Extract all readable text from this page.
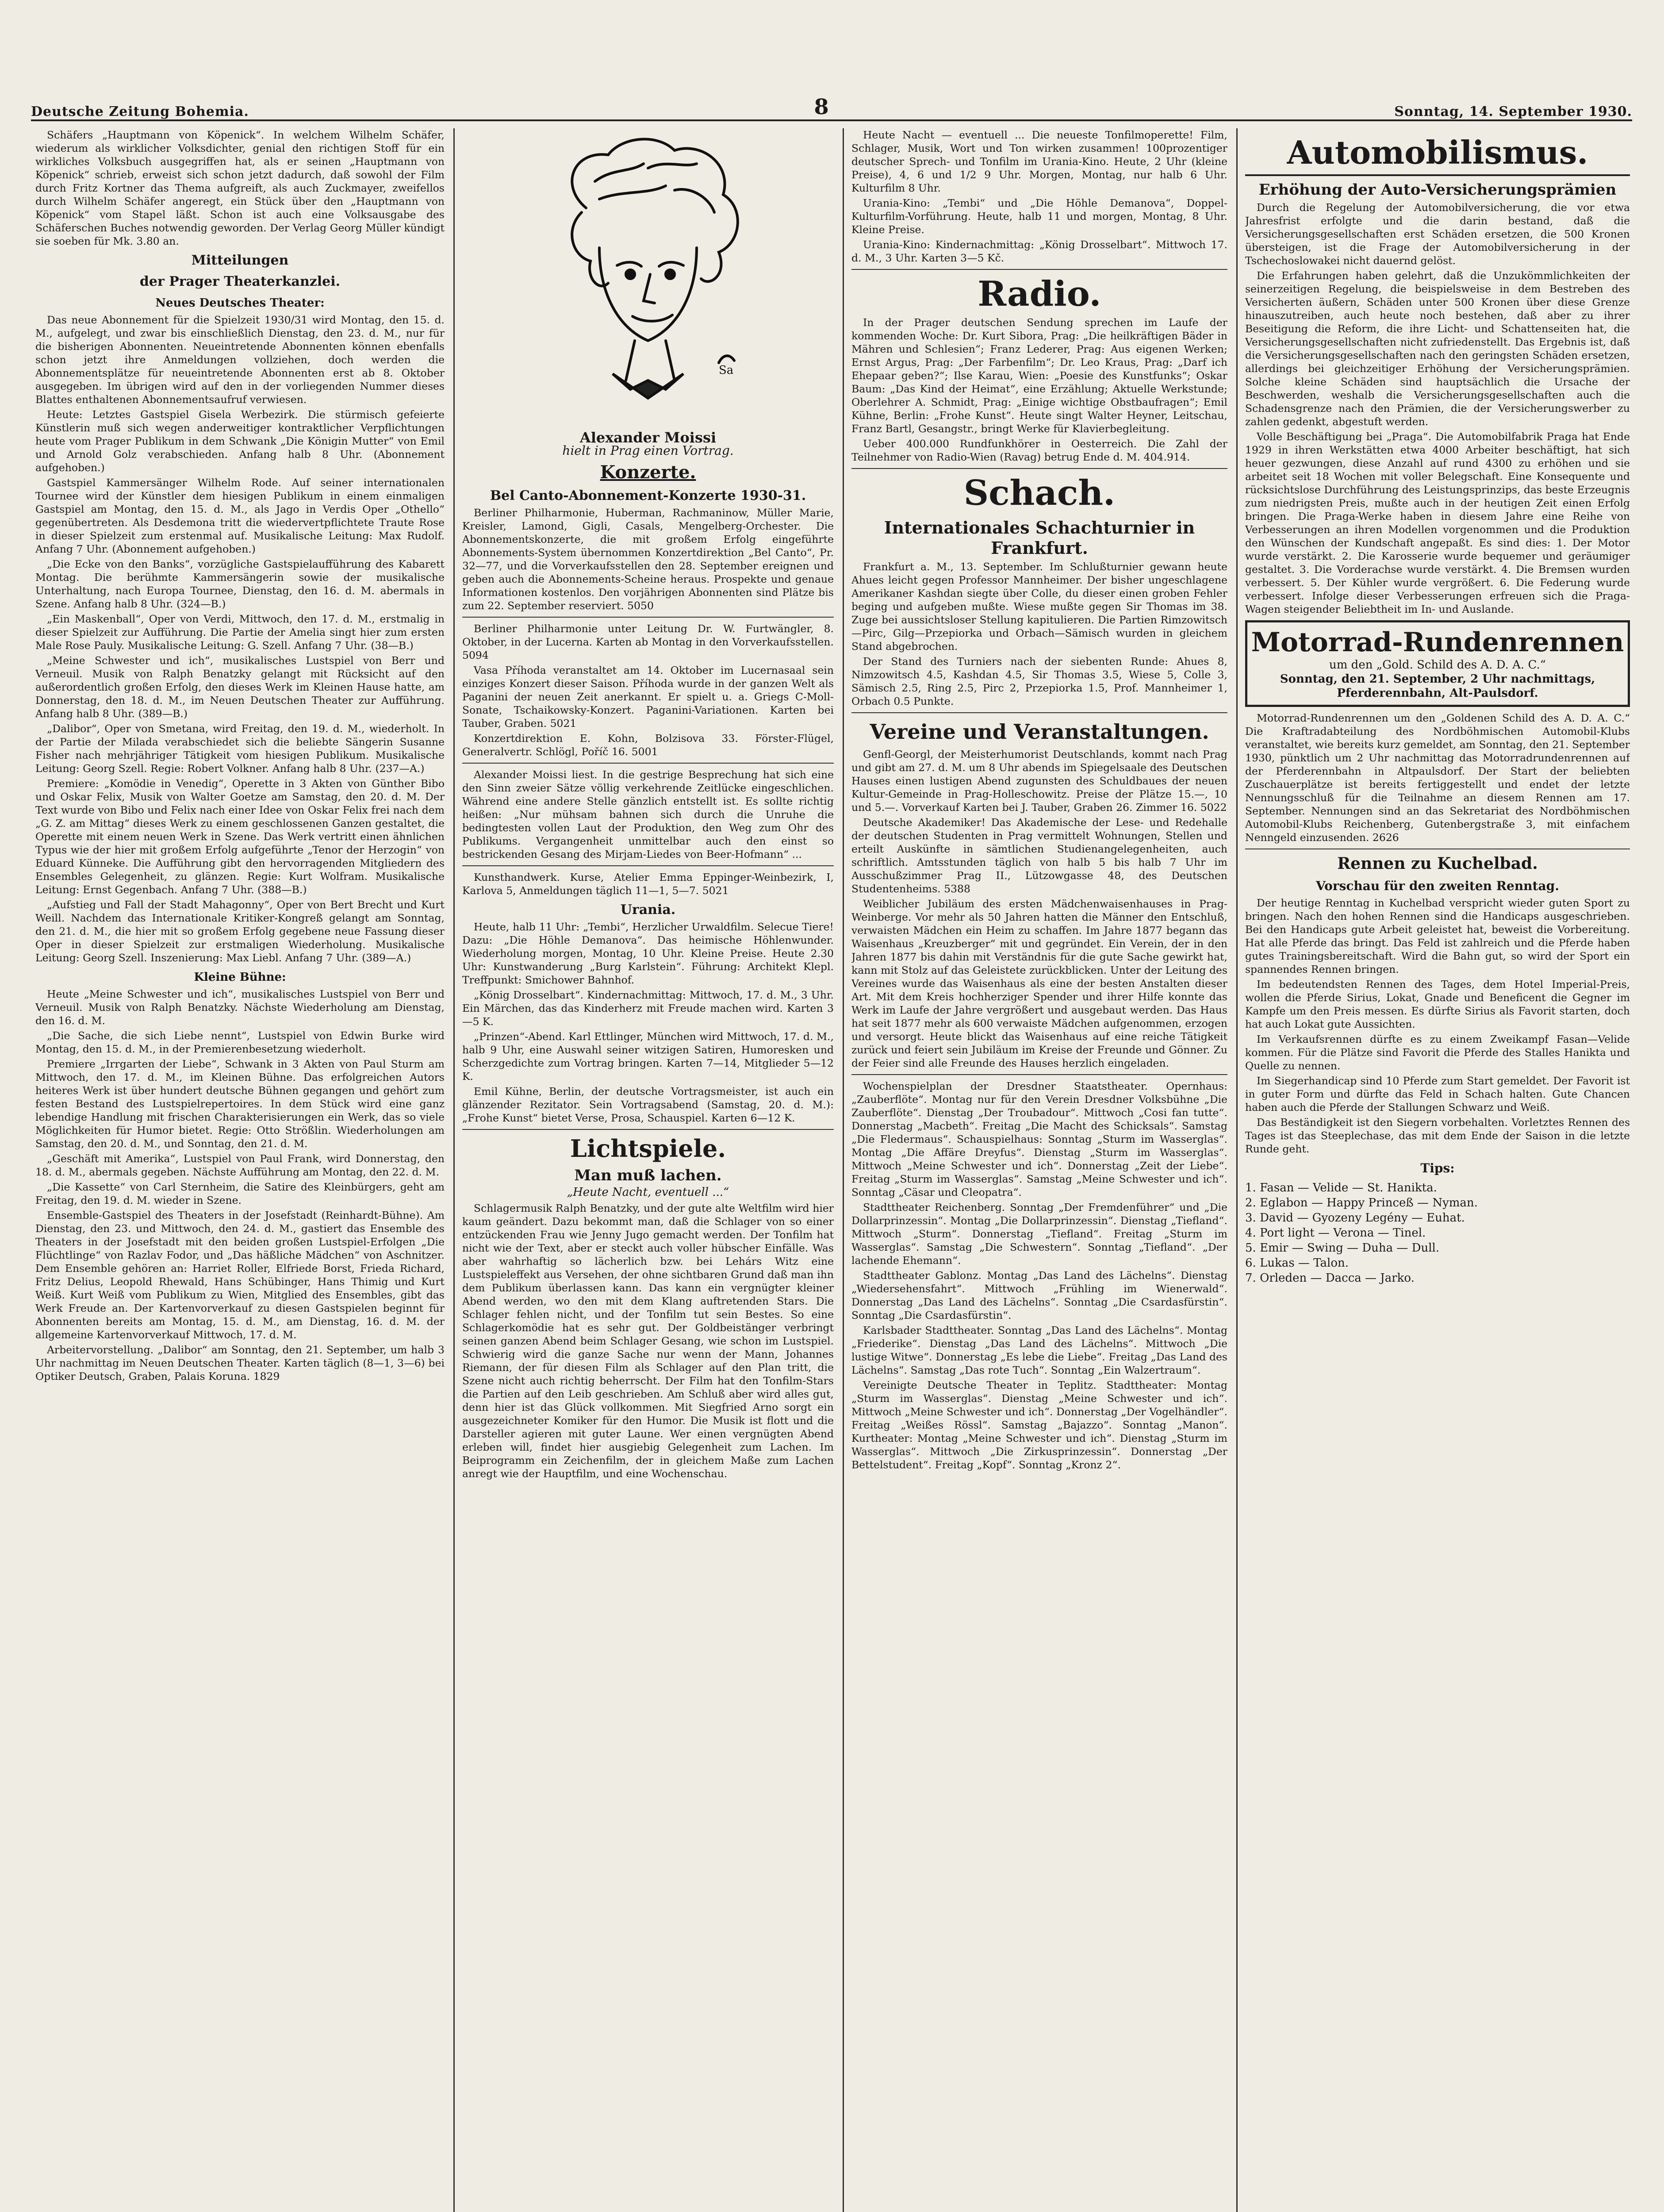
Deutsche Zeitung Bohemia.	8	Sonntag, 14. September 1930.

Schäfers „Hauptmann von Köpenick“. In welchem Wilhelm Schäfer, wiederum als wirklicher Volksdichter, genial den richtigen Stoff für ein wirkliches Volksbuch ausgegriffen hat, als er seinen „Hauptmann von Köpenick“ schrieb, erweist sich schon jetzt dadurch, daß sowohl der Film durch Fritz Kortner das Thema aufgreift, als auch Zuckmayer, zweifellos durch Wilhelm Schäfer angeregt, ein Stück über den „Hauptmann von Köpenick“ vom Stapel läßt. Schon ist auch eine Volksausgabe des Schäferschen Buches notwendig geworden. Der Verlag Georg Müller kündigt sie soeben für Mk. 3.80 an.

Mitteilungen
der Prager Theaterkanzlei.
Neues Deutsches Theater:

Das neue Abonnement für die Spielzeit 1930/31 wird Montag, den 15. d. M., aufgelegt, und zwar bis einschließlich Dienstag, den 23. d. M., nur für die bisherigen Abonnenten. Neueintretende Abonnenten können ebenfalls schon jetzt ihre Anmeldungen vollziehen, doch werden die Abonnementsplätze für neueintretende Abonnenten erst ab 8. Oktober ausgegeben. Im übrigen wird auf den in der vorliegenden Nummer dieses Blattes enthaltenen Abonnementsaufruf verwiesen.

Heute: Letztes Gastspiel Gisela Werbezirk. Die stürmisch gefeierte Künstlerin muß sich wegen anderweitiger kontraktlicher Verpflichtungen heute vom Prager Publikum in dem Schwank „Die Königin Mutter“ von Emil und Arnold Golz verabschieden. Anfang halb 8 Uhr. (Abonnement aufgehoben.)

Gastspiel Kammersänger Wilhelm Rode. Auf seiner internationalen Tournee wird der Künstler dem hiesigen Publikum in einem einmaligen Gastspiel am Montag, den 15. d. M., als Jago in Verdis Oper „Othello“ gegenübertreten. Als Desdemona tritt die wiedervertpflichtete Traute Rose in dieser Spielzeit zum erstenmal auf. Musikalische Leitung: Max Rudolf. Anfang 7 Uhr. (Abonnement aufgehoben.)

„Die Ecke von den Banks“, vorzügliche Gastspielaufführung des Kabarett Montag. Die berühmte Kammersängerin sowie der musikalische Unterhaltung, nach Europa Tournee, Dienstag, den 16. d. M. abermals in Szene. Anfang halb 8 Uhr. (324—B.)

„Ein Maskenball“, Oper von Verdi, Mittwoch, den 17. d. M., erstmalig in dieser Spielzeit zur Aufführung. Die Partie der Amelia singt hier zum ersten Male Rose Pauly. Musikalische Leitung: G. Szell. Anfang 7 Uhr. (38—B.)

„Meine Schwester und ich“, musikalisches Lustspiel von Berr und Verneuil. Musik von Ralph Benatzky gelangt mit Rücksicht auf den außerordentlich großen Erfolg, den dieses Werk im Kleinen Hause hatte, am Donnerstag, den 18. d. M., im Neuen Deutschen Theater zur Aufführung. Anfang halb 8 Uhr. (389—B.)

„Dalibor“, Oper von Smetana, wird Freitag, den 19. d. M., wiederholt. In der Partie der Milada verabschiedet sich die beliebte Sängerin Susanne Fisher nach mehrjähriger Tätigkeit vom hiesigen Publikum. Musikalische Leitung: Georg Szell. Regie: Robert Volkner. Anfang halb 8 Uhr. (237—A.)

Premiere: „Komödie in Venedig“, Operette in 3 Akten von Günther Bibo und Oskar Felix, Musik von Walter Goetze am Samstag, den 20. d. M. Der Text wurde von Bibo und Felix nach einer Idee von Oskar Felix frei nach dem „G. Z. am Mittag“ dieses Werk zu einem geschlossenen Ganzen gestaltet, die Operette mit einem neuen Werk in Szene. Das Werk vertritt einen ähnlichen Typus wie der hier mit großem Erfolg aufgeführte „Tenor der Herzogin“ von Eduard Künneke. Die Aufführung gibt den hervorragenden Mitgliedern des Ensembles Gelegenheit, zu glänzen. Regie: Kurt Wolfram. Musikalische Leitung: Ernst Gegenbach. Anfang 7 Uhr. (388—B.)

„Aufstieg und Fall der Stadt Mahagonny“, Oper von Bert Brecht und Kurt Weill. Nachdem das Internationale Kritiker-Kongreß gelangt am Sonntag, den 21. d. M., die hier mit so großem Erfolg gegebene neue Fassung dieser Oper in dieser Spielzeit zur erstmaligen Wiederholung. Musikalische Leitung: Georg Szell. Inszenierung: Max Liebl. Anfang 7 Uhr. (389—A.)

Kleine Bühne:

Heute „Meine Schwester und ich“, musikalisches Lustspiel von Berr und Verneuil. Musik von Ralph Benatzky. Nächste Wiederholung am Dienstag, den 16. d. M.

„Die Sache, die sich Liebe nennt“, Lustspiel von Edwin Burke wird Montag, den 15. d. M., in der Premierenbesetzung wiederholt.

Premiere „Irrgarten der Liebe“, Schwank in 3 Akten von Paul Sturm am Mittwoch, den 17. d. M., im Kleinen Bühne. Das erfolgreichen Autors heiteres Werk ist über hundert deutsche Bühnen gegangen und gehört zum festen Bestand des Lustspielrepertoires. In dem Stück wird eine ganz lebendige Handlung mit frischen Charakterisierungen ein Werk, das so viele Möglichkeiten für Humor bietet. Regie: Otto Strößlin. Wiederholungen am Samstag, den 20. d. M., und Sonntag, den 21. d. M.

„Geschäft mit Amerika“, Lustspiel von Paul Frank, wird Donnerstag, den 18. d. M., abermals gegeben. Nächste Aufführung am Montag, den 22. d. M.

„Die Kassette“ von Carl Sternheim, die Satire des Kleinbürgers, geht am Freitag, den 19. d. M. wieder in Szene.

Ensemble-Gastspiel des Theaters in der Josefstadt (Reinhardt-Bühne). Am Dienstag, den 23. und Mittwoch, den 24. d. M., gastiert das Ensemble des Theaters in der Josefstadt mit den beiden großen Lustspiel-Erfolgen „Die Flüchtlinge“ von Razlav Fodor, und „Das häßliche Mädchen“ von Aschnitzer. Dem Ensemble gehören an: Harriet Roller, Elfriede Borst, Frieda Richard, Fritz Delius, Leopold Rhewald, Hans Schübinger, Hans Thimig und Kurt Weiß. Kurt Weiß vom Publikum zu Wien, Mitglied des Ensembles, gibt das Werk Freude an. Der Kartenvorverkauf zu diesen Gastspielen beginnt für Abonnenten bereits am Montag, 15. d. M., am Dienstag, 16. d. M. der allgemeine Kartenvorverkauf Mittwoch, 17. d. M.

Arbeitervorstellung. „Dalibor“ am Sonntag, den 21. September, um halb 3 Uhr nachmittag im Neuen Deutschen Theater. Karten täglich (8—1, 3—6) bei Optiker Deutsch, Graben, Palais Koruna. 1829

Sa
Alexander Moissi
hielt in Prag einen Vortrag.
Konzerte.
Bel Canto-Abonnement-Konzerte 1930-31.

Berliner Philharmonie, Huberman, Rachmaninow, Müller Marie, Kreisler, Lamond, Gigli, Casals, Mengelberg-Orchester. Die Abonnementskonzerte, die mit großem Erfolg eingeführte Abonnements-System übernommen Konzertdirektion „Bel Canto“, Pr. 32—77, und die Vorverkaufsstellen den 28. September ereignen und geben auch die Abonnements-Scheine heraus. Prospekte und genaue Informationen kostenlos. Den vorjährigen Abonnenten sind Plätze bis zum 22. September reserviert. 5050

Berliner Philharmonie unter Leitung Dr. W. Furtwängler, 8. Oktober, in der Lucerna. Karten ab Montag in den Vorverkaufsstellen. 5094

Vasa Příhoda veranstaltet am 14. Oktober im Lucernasaal sein einziges Konzert dieser Saison. Příhoda wurde in der ganzen Welt als Paganini der neuen Zeit anerkannt. Er spielt u. a. Griegs C-Moll-Sonate, Tschaikowsky-Konzert. Paganini-Variationen. Karten bei Tauber, Graben. 5021

Konzertdirektion E. Kohn, Bolzisova 33. Förster-Flügel, Generalvertr. Schlögl, Poříč 16. 5001

Alexander Moissi liest. In die gestrige Besprechung hat sich eine den Sinn zweier Sätze völlig verkehrende Zeitlücke eingeschlichen. Während eine andere Stelle gänzlich entstellt ist. Es sollte richtig heißen: „Nur mühsam bahnen sich durch die Unruhe die bedingtesten vollen Laut der Produktion, den Weg zum Ohr des Publikums. Vergangenheit unmittelbar auch den einst so bestrickenden Gesang des Mirjam-Liedes von Beer-Hofmann“ ...

Kunsthandwerk. Kurse, Atelier Emma Eppinger-Weinbezirk, I, Karlova 5, Anmeldungen täglich 11—1, 5—7. 5021

Urania.

Heute, halb 11 Uhr: „Tembi“, Herzlicher Urwaldfilm. Selecue Tiere! Dazu: „Die Höhle Demanova“. Das heimische Höhlenwunder. Wiederholung morgen, Montag, 10 Uhr. Kleine Preise. Heute 2.30 Uhr: Kunstwanderung „Burg Karlstein“. Führung: Architekt Klepl. Treffpunkt: Smichower Bahnhof.

„König Drosselbart“. Kindernachmittag: Mittwoch, 17. d. M., 3 Uhr. Ein Märchen, das das Kinderherz mit Freude machen wird. Karten 3—5 K.

„Prinzen“-Abend. Karl Ettlinger, München wird Mittwoch, 17. d. M., halb 9 Uhr, eine Auswahl seiner witzigen Satiren, Humoresken und Scherzgedichte zum Vortrag bringen. Karten 7—14, Mitglieder 5—12 K.

Emil Kühne, Berlin, der deutsche Vortragsmeister, ist auch ein glänzender Rezitator. Sein Vortragsabend (Samstag, 20. d. M.): „Frohe Kunst“ bietet Verse, Prosa, Schauspiel. Karten 6—12 K.

Lichtspiele.
Man muß lachen.
„Heute Nacht, eventuell ...“

Schlagermusik Ralph Benatzky, und der gute alte Weltfilm wird hier kaum geändert. Dazu bekommt man, daß die Schlager von so einer entzückenden Frau wie Jenny Jugo gemacht werden. Der Tonfilm hat nicht wie der Text, aber er steckt auch voller hübscher Einfälle. Was aber wahrhaftig so lächerlich bzw. bei Lehárs Witz eine Lustspieleffekt aus Versehen, der ohne sichtbaren Grund daß man ihn dem Publikum überlassen kann. Das kann ein vergnügter kleiner Abend werden, wo den mit dem Klang auftretenden Stars. Die Schlager fehlen nicht, und der Tonfilm tut sein Bestes. So eine Schlagerkomödie hat es sehr gut. Der Goldbeistänger verbringt seinen ganzen Abend beim Schlager Gesang, wie schon im Lustspiel. Schwierig wird die ganze Sache nur wenn der Mann, Johannes Riemann, der für diesen Film als Schlager auf den Plan tritt, die Szene nicht auch richtig beherrscht. Der Film hat den Tonfilm-Stars die Partien auf den Leib geschrieben. Am Schluß aber wird alles gut, denn hier ist das Glück vollkommen. Mit Siegfried Arno sorgt ein ausgezeichneter Komiker für den Humor. Die Musik ist flott und die Darsteller agieren mit guter Laune. Wer einen vergnügten Abend erleben will, findet hier ausgiebig Gelegenheit zum Lachen. Im Beiprogramm ein Zeichenfilm, der in gleichem Maße zum Lachen anregt wie der Hauptfilm, und eine Wochenschau.

Heute Nacht — eventuell ... Die neueste Tonfilmoperette! Film, Schlager, Musik, Wort und Ton wirken zusammen! 100prozentiger deutscher Sprech- und Tonfilm im Urania-Kino. Heute, 2 Uhr (kleine Preise), 4, 6 und 1/2 9 Uhr. Morgen, Montag, nur halb 6 Uhr. Kulturfilm 8 Uhr.

Urania-Kino: „Tembi“ und „Die Höhle Demanova“, Doppel-Kulturfilm-Vorführung. Heute, halb 11 und morgen, Montag, 8 Uhr. Kleine Preise.

Urania-Kino: Kindernachmittag: „König Drosselbart“. Mittwoch 17. d. M., 3 Uhr. Karten 3—5 Kč.

Radio.

In der Prager deutschen Sendung sprechen im Laufe der kommenden Woche: Dr. Kurt Sibora, Prag: „Die heilkräftigen Bäder in Mähren und Schlesien“; Franz Lederer, Prag: Aus eigenen Werken; Ernst Argus, Prag: „Der Farbenfilm“; Dr. Leo Kraus, Prag: „Darf ich Ehepaar geben?“; Ilse Karau, Wien: „Poesie des Kunstfunks“; Oskar Baum: „Das Kind der Heimat“, eine Erzählung; Aktuelle Werkstunde; Oberlehrer A. Schmidt, Prag: „Einige wichtige Obstbaufragen“; Emil Kühne, Berlin: „Frohe Kunst“. Heute singt Walter Heyner, Leitschau, Franz Bartl, Gesangstr., bringt Werke für Klavierbegleitung.

Ueber 400.000 Rundfunkhörer in Oesterreich. Die Zahl der Teilnehmer von Radio-Wien (Ravag) betrug Ende d. M. 404.914.

Schach.
Internationales Schachturnier in Frankfurt.

Frankfurt a. M., 13. September. Im Schlußturnier gewann heute Ahues leicht gegen Professor Mannheimer. Der bisher ungeschlagene Amerikaner Kashdan siegte über Colle, du dieser einen groben Fehler beging und aufgeben mußte. Wiese mußte gegen Sir Thomas im 38. Zuge bei aussichtsloser Stellung kapitulieren. Die Partien Rimzowitsch—Pirc, Gilg—Przepiorka und Orbach—Sämisch wurden in gleichem Stand abgebrochen.

Der Stand des Turniers nach der siebenten Runde: Ahues 8, Nimzowitsch 4.5, Kashdan 4.5, Sir Thomas 3.5, Wiese 5, Colle 3, Sämisch 2.5, Ring 2.5, Pirc 2, Przepiorka 1.5, Prof. Mannheimer 1, Orbach 0.5 Punkte.

Vereine und Veranstaltungen.

Genfl-Georgl, der Meisterhumorist Deutschlands, kommt nach Prag und gibt am 27. d. M. um 8 Uhr abends im Spiegelsaale des Deutschen Hauses einen lustigen Abend zugunsten des Schuldbaues der neuen Kultur-Gemeinde in Prag-Holleschowitz. Preise der Plätze 15.—, 10 und 5.—. Vorverkauf Karten bei J. Tauber, Graben 26. Zimmer 16. 5022

Deutsche Akademiker! Das Akademische der Lese- und Redehalle der deutschen Studenten in Prag vermittelt Wohnungen, Stellen und erteilt Auskünfte in sämtlichen Studienangelegenheiten, auch schriftlich. Amtsstunden täglich von halb 5 bis halb 7 Uhr im Ausschußzimmer Prag II., Lützowgasse 48, des Deutschen Studentenheims. 5388

Weiblicher Jubiläum des ersten Mädchenwaisenhauses in Prag-Weinberge. Vor mehr als 50 Jahren hatten die Männer den Entschluß, verwaisten Mädchen ein Heim zu schaffen. Im Jahre 1877 begann das Waisenhaus „Kreuzberger“ mit und gegründet. Ein Verein, der in den Jahren 1877 bis dahin mit Verständnis für die gute Sache gewirkt hat, kann mit Stolz auf das Geleistete zurückblicken. Unter der Leitung des Vereines wurde das Waisenhaus als eine der besten Anstalten dieser Art. Mit dem Kreis hochherziger Spender und ihrer Hilfe konnte das Werk im Laufe der Jahre vergrößert und ausgebaut werden. Das Haus hat seit 1877 mehr als 600 verwaiste Mädchen aufgenommen, erzogen und versorgt. Heute blickt das Waisenhaus auf eine reiche Tätigkeit zurück und feiert sein Jubiläum im Kreise der Freunde und Gönner. Zu der Feier sind alle Freunde des Hauses herzlich eingeladen.

Wochenspielplan der Dresdner Staatstheater. Opernhaus: „Zauberflöte“. Montag nur für den Verein Dresdner Volksbühne „Die Zauberflöte“. Dienstag „Der Troubadour“. Mittwoch „Cosi fan tutte“. Donnerstag „Macbeth“. Freitag „Die Macht des Schicksals“. Samstag „Die Fledermaus“. Schauspielhaus: Sonntag „Sturm im Wasserglas“. Montag „Die Affäre Dreyfus“. Dienstag „Sturm im Wasserglas“. Mittwoch „Meine Schwester und ich“. Donnerstag „Zeit der Liebe“. Freitag „Sturm im Wasserglas“. Samstag „Meine Schwester und ich“. Sonntag „Cäsar und Cleopatra“.

Stadttheater Reichenberg. Sonntag „Der Fremdenführer“ und „Die Dollarprinzessin“. Montag „Die Dollarprinzessin“. Dienstag „Tiefland“. Mittwoch „Sturm“. Donnerstag „Tiefland“. Freitag „Sturm im Wasserglas“. Samstag „Die Schwestern“. Sonntag „Tiefland“. „Der lachende Ehemann“.

Stadttheater Gablonz. Montag „Das Land des Lächelns“. Dienstag „Wiedersehensfahrt“. Mittwoch „Frühling im Wienerwald“. Donnerstag „Das Land des Lächelns“. Sonntag „Die Csardasfürstin“. Sonntag „Die Csardasfürstin“.

Karlsbader Stadttheater. Sonntag „Das Land des Lächelns“. Montag „Friederike“. Dienstag „Das Land des Lächelns“. Mittwoch „Die lustige Witwe“. Donnerstag „Es lebe die Liebe“. Freitag „Das Land des Lächelns“. Samstag „Das rote Tuch“. Sonntag „Ein Walzertraum“.

Vereinigte Deutsche Theater in Teplitz. Stadttheater: Montag „Sturm im Wasserglas“. Dienstag „Meine Schwester und ich“. Mittwoch „Meine Schwester und ich“. Donnerstag „Der Vogelhändler“. Freitag „Weißes Rössl“. Samstag „Bajazzo“. Sonntag „Manon“. Kurtheater: Montag „Meine Schwester und ich“. Dienstag „Sturm im Wasserglas“. Mittwoch „Die Zirkusprinzessin“. Donnerstag „Der Bettelstudent“. Freitag „Kopf“. Sonntag „Kronz 2“.

Automobilismus.
Erhöhung der Auto-Versicherungsprämien

Durch die Regelung der Automobilversicherung, die vor etwa Jahresfrist erfolgte und die darin bestand, daß die Versicherungsgesellschaften erst Schäden ersetzen, die 500 Kronen übersteigen, ist die Frage der Automobilversicherung in der Tschechoslowakei nicht dauernd gelöst.

Die Erfahrungen haben gelehrt, daß die Unzukömmlichkeiten der seinerzeitigen Regelung, die beispielsweise in dem Bestreben des Versicherten äußern, Schäden unter 500 Kronen über diese Grenze hinauszutreiben, auch heute noch bestehen, daß aber zu ihrer Beseitigung die Reform, die ihre Licht- und Schattenseiten hat, die Versicherungsgesellschaften nicht zufriedenstellt. Das Ergebnis ist, daß die Versicherungsgesellschaften nach den geringsten Schäden ersetzen, allerdings bei gleichzeitiger Erhöhung der Versicherungsprämien. Solche kleine Schäden sind hauptsächlich die Ursache der Beschwerden, weshalb die Versicherungsgesellschaften auch die Schadensgrenze nach den Prämien, die der Versicherungswerber zu zahlen gedenkt, abgestuft werden.

Volle Beschäftigung bei „Praga“. Die Automobilfabrik Praga hat Ende 1929 in ihren Werkstätten etwa 4000 Arbeiter beschäftigt, hat sich heuer gezwungen, diese Anzahl auf rund 4300 zu erhöhen und sie arbeitet seit 18 Wochen mit voller Belegschaft. Eine Konsequente und rücksichtslose Durchführung des Leistungsprinzips, das beste Erzeugnis zum niedrigsten Preis, mußte auch in der heutigen Zeit einen Erfolg bringen. Die Praga-Werke haben in diesem Jahre eine Reihe von Verbesserungen an ihren Modellen vorgenommen und die Produktion den Wünschen der Kundschaft angepaßt. Es sind dies: 1. Der Motor wurde verstärkt. 2. Die Karosserie wurde bequemer und geräumiger gestaltet. 3. Die Vorderachse wurde verstärkt. 4. Die Bremsen wurden verbessert. 5. Der Kühler wurde vergrößert. 6. Die Federung wurde verbessert. Infolge dieser Verbesserungen erfreuen sich die Praga-Wagen steigender Beliebtheit im In- und Auslande.

Motorrad-Rundenrennen
um den „Gold. Schild des A. D. A. C.“
Sonntag, den 21. September, 2 Uhr nachmittags, Pferderennbahn, Alt-Paulsdorf.

Motorrad-Rundenrennen um den „Goldenen Schild des A. D. A. C.“ Die Kraftradabteilung des Nordböhmischen Automobil-Klubs veranstaltet, wie bereits kurz gemeldet, am Sonntag, den 21. September 1930, pünktlich um 2 Uhr nachmittag das Motorradrundenrennen auf der Pferderennbahn in Altpaulsdorf. Der Start der beliebten Zuschauerplätze ist bereits fertiggestellt und endet der letzte Nennungsschluß für die Teilnahme an diesem Rennen am 17. September. Nennungen sind an das Sekretariat des Nordböhmischen Automobil-Klubs Reichenberg, Gutenbergstraße 3, mit einfachem Nenngeld einzusenden. 2626

Rennen zu Kuchelbad.
Vorschau für den zweiten Renntag.

Der heutige Renntag in Kuchelbad verspricht wieder guten Sport zu bringen. Nach den hohen Rennen sind die Handicaps ausgeschrieben. Bei den Handicaps gute Arbeit geleistet hat, beweist die Vorbereitung. Hat alle Pferde das bringt. Das Feld ist zahlreich und die Pferde haben gutes Trainingsbereitschaft. Wird die Bahn gut, so wird der Sport ein spannendes Rennen bringen.

Im bedeutendsten Rennen des Tages, dem Hotel Imperial-Preis, wollen die Pferde Sirius, Lokat, Gnade und Beneficent die Gegner im Kampfe um den Preis messen. Es dürfte Sirius als Favorit starten, doch hat auch Lokat gute Aussichten.

Im Verkaufsrennen dürfte es zu einem Zweikampf Fasan—Velide kommen. Für die Plätze sind Favorit die Pferde des Stalles Hanikta und Quelle zu nennen.

Im Siegerhandicap sind 10 Pferde zum Start gemeldet. Der Favorit ist in guter Form und dürfte das Feld in Schach halten. Gute Chancen haben auch die Pferde der Stallungen Schwarz und Weiß.

Das Beständigkeit ist den Siegern vorbehalten. Vorletztes Rennen des Tages ist das Steeplechase, das mit dem Ende der Saison in die letzte Runde geht.

Tips:
1. Fasan — Velide — St. Hanikta.
2. Eglabon — Happy Princeß — Nyman.
3. David — Gyozeny Legény — Euhat.
4. Port light — Verona — Tinel.
5. Emir — Swing — Duha — Dull.
6. Lukas — Talon.
7. Orleden — Dacca — Jarko.
